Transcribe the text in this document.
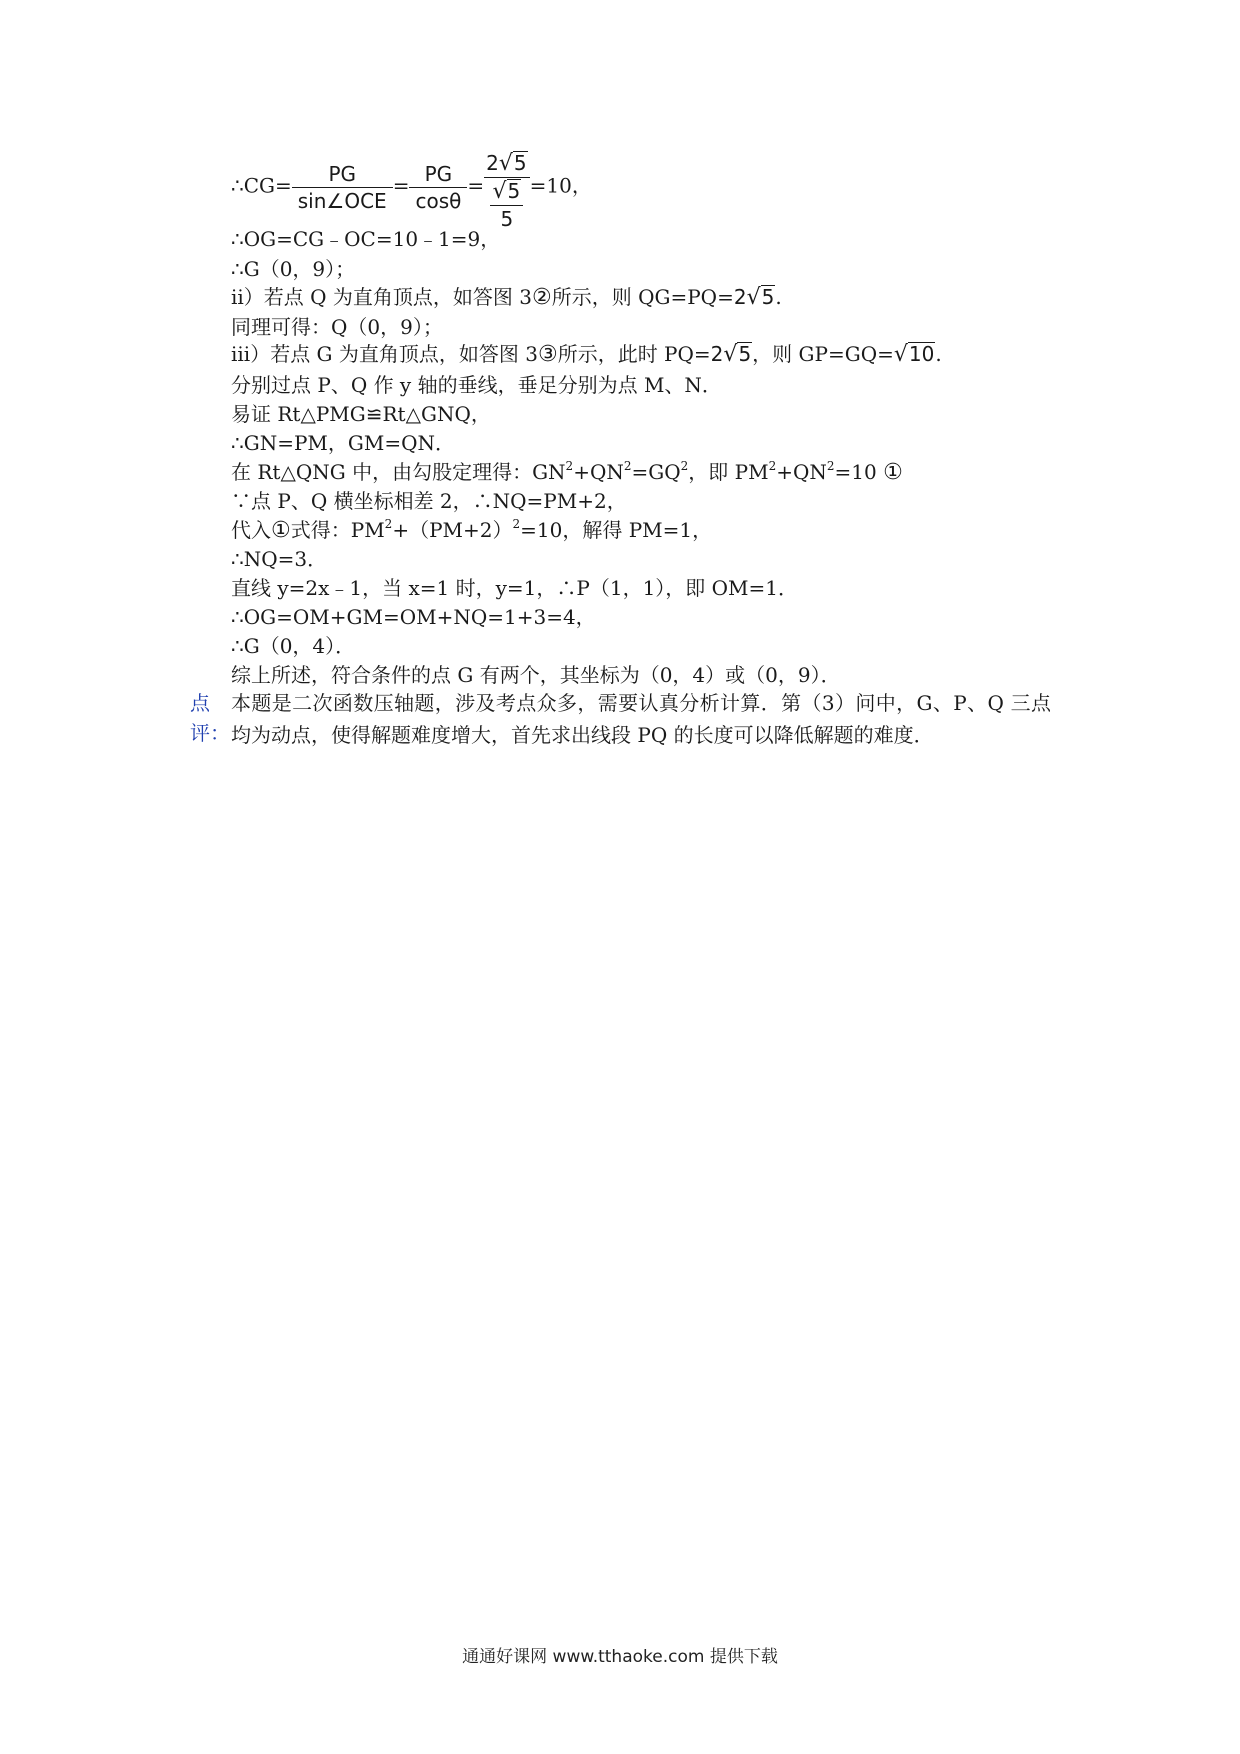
∴CG= $\frac{PG}{\text{sin∠OCE}} = \frac{PG}{\cos\theta} = \frac{2√5}{\frac{√5}{5}} =10$，
∴OG=CG﹣OC=10﹣1=9，
∴G（0，9）；
ii）若点 Q 为直角顶点，如答图 3②所示，则 QG=PQ=2√5.
同理可得：Q（0，9）；
iii）若点 G 为直角顶点，如答图 3③所示，此时 PQ=2√5，则 GP=GQ=√10.
分别过点 P、Q 作 y 轴的垂线，垂足分别为点 M、N．
易证 Rt△PMG≌Rt△GNQ，
∴GN=PM，GM=QN．
在 Rt△QNG 中，由勾股定理得：$GN^2+QN^2=GQ^2$，即 $PM^2+QN^2=10$ ①
∵点 P、Q 横坐标相差 2，∴NQ=PM+2，
代入①式得：$PM^2+(PM+2)^2=10$，解得 PM=1，
∴NQ=3．
直线 y=2x﹣1，当 x=1 时，y=1，∴P（1，1），即 OM=1．
∴OG=OM+GM=OM+NQ=1+3=4，
∴G（0，4）．
综上所述，符合条件的点 G 有两个，其坐标为（0，4）或（0，9）．
点
评：
本题是二次函数压轴题，涉及考点众多，需要认真分析计算．第（3）问中，G、P、Q 三点均为动点，使得解题难度增大，首先求出线段 PQ 的长度可以降低解题的难度．
通通好课网 www.tthaoke.com 提供下载
